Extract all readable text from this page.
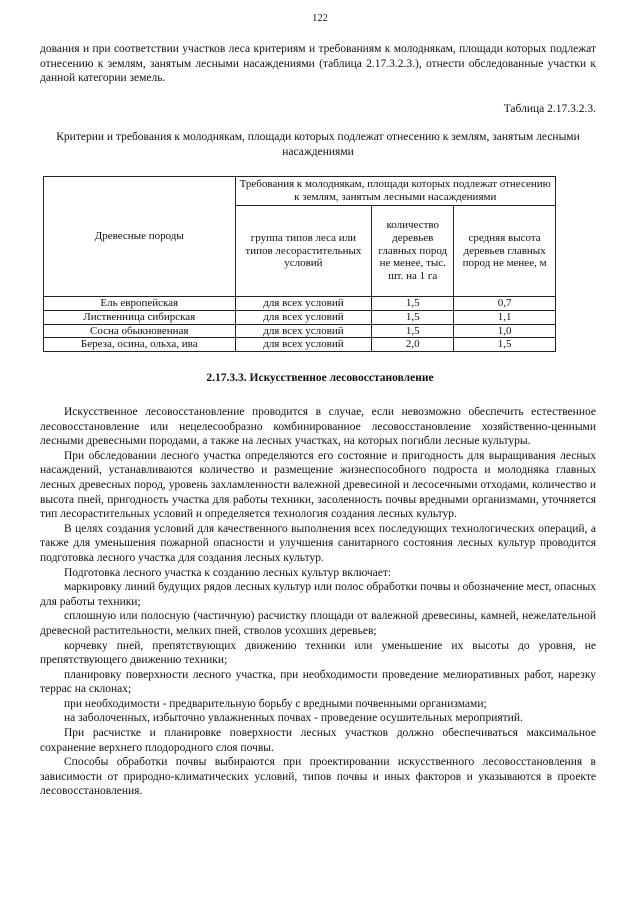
122
дования и при соответствии участков леса критериям и требованиям к молоднякам, площади которых подлежат отнесению к землям, занятым лесными насаждениями (таблица 2.17.3.2.3.), отнести обследованные участки к данной категории земель.
Таблица 2.17.3.2.3.
Критерии и требования к молоднякам, площади которых подлежат отнесению к землям, занятым лесными насаждениями
Древесные породы	Требования к молоднякам, площади которых подлежат отнесению к землям, занятым лесными насаждениями		
	группа типов леса или типов лесорастительных условий	количество деревьев главных пород не менее, тыс. шт. на 1 га	средняя высота деревьев главных пород не менее, м
Ель европейская	для всех условий	1,5	0,7
Лиственница сибирская	для всех условий	1,5	1,1
Сосна обыкновенная	для всех условий	1,5	1,0
Береза, осина, ольха, ива	для всех условий	2,0	1,5
2.17.3.3. Искусственное лесовосстановление

Искусственное лесовосстановление проводится в случае, если невозможно обеспечить естественное лесовосстановление или нецелесообразно комбинированное лесовосстановление хозяйственно-ценными лесными древесными породами, а также на лесных участках, на которых погибли лесные культуры.

При обследовании лесного участка определяются его состояние и пригодность для выращивания лесных насаждений, устанавливаются количество и размещение жизнеспособного подроста и молодняка главных лесных древесных пород, уровень захламленности валежной древесиной и лесосечными отходами, количество и высота пней, пригодность участка для работы техники, засоленность почвы вредными организмами, уточняется тип лесорастительных условий и определяется технология создания лесных культур.

В целях создания условий для качественного выполнения всех последующих технологических операций, а также для уменьшения пожарной опасности и улучшения санитарного состояния лесных культур проводится подготовка лесного участка для создания лесных культур.

Подготовка лесного участка к созданию лесных культур включает:

маркировку линий будущих рядов лесных культур или полос обработки почвы и обозначение мест, опасных для работы техники;

сплошную или полосную (частичную) расчистку площади от валежной древесины, камней, нежелательной древесной растительности, мелких пней, стволов усохших деревьев;

корчевку пней, препятствующих движению техники или уменьшение их высоты до уровня, не препятствующего движению техники;

планировку поверхности лесного участка, при необходимости проведение мелиоративных работ, нарезку террас на склонах;

при необходимости - предварительную борьбу с вредными почвенными организмами;

на заболоченных, избыточно увлажненных почвах - проведение осушительных мероприятий.

При расчистке и планировке поверхности лесных участков должно обеспечиваться максимальное сохранение верхнего плодородного слоя почвы.

Способы обработки почвы выбираются при проектировании искусственного лесовосстановления в зависимости от природно-климатических условий, типов почвы и иных факторов и указываются в проекте лесовосстановления.
